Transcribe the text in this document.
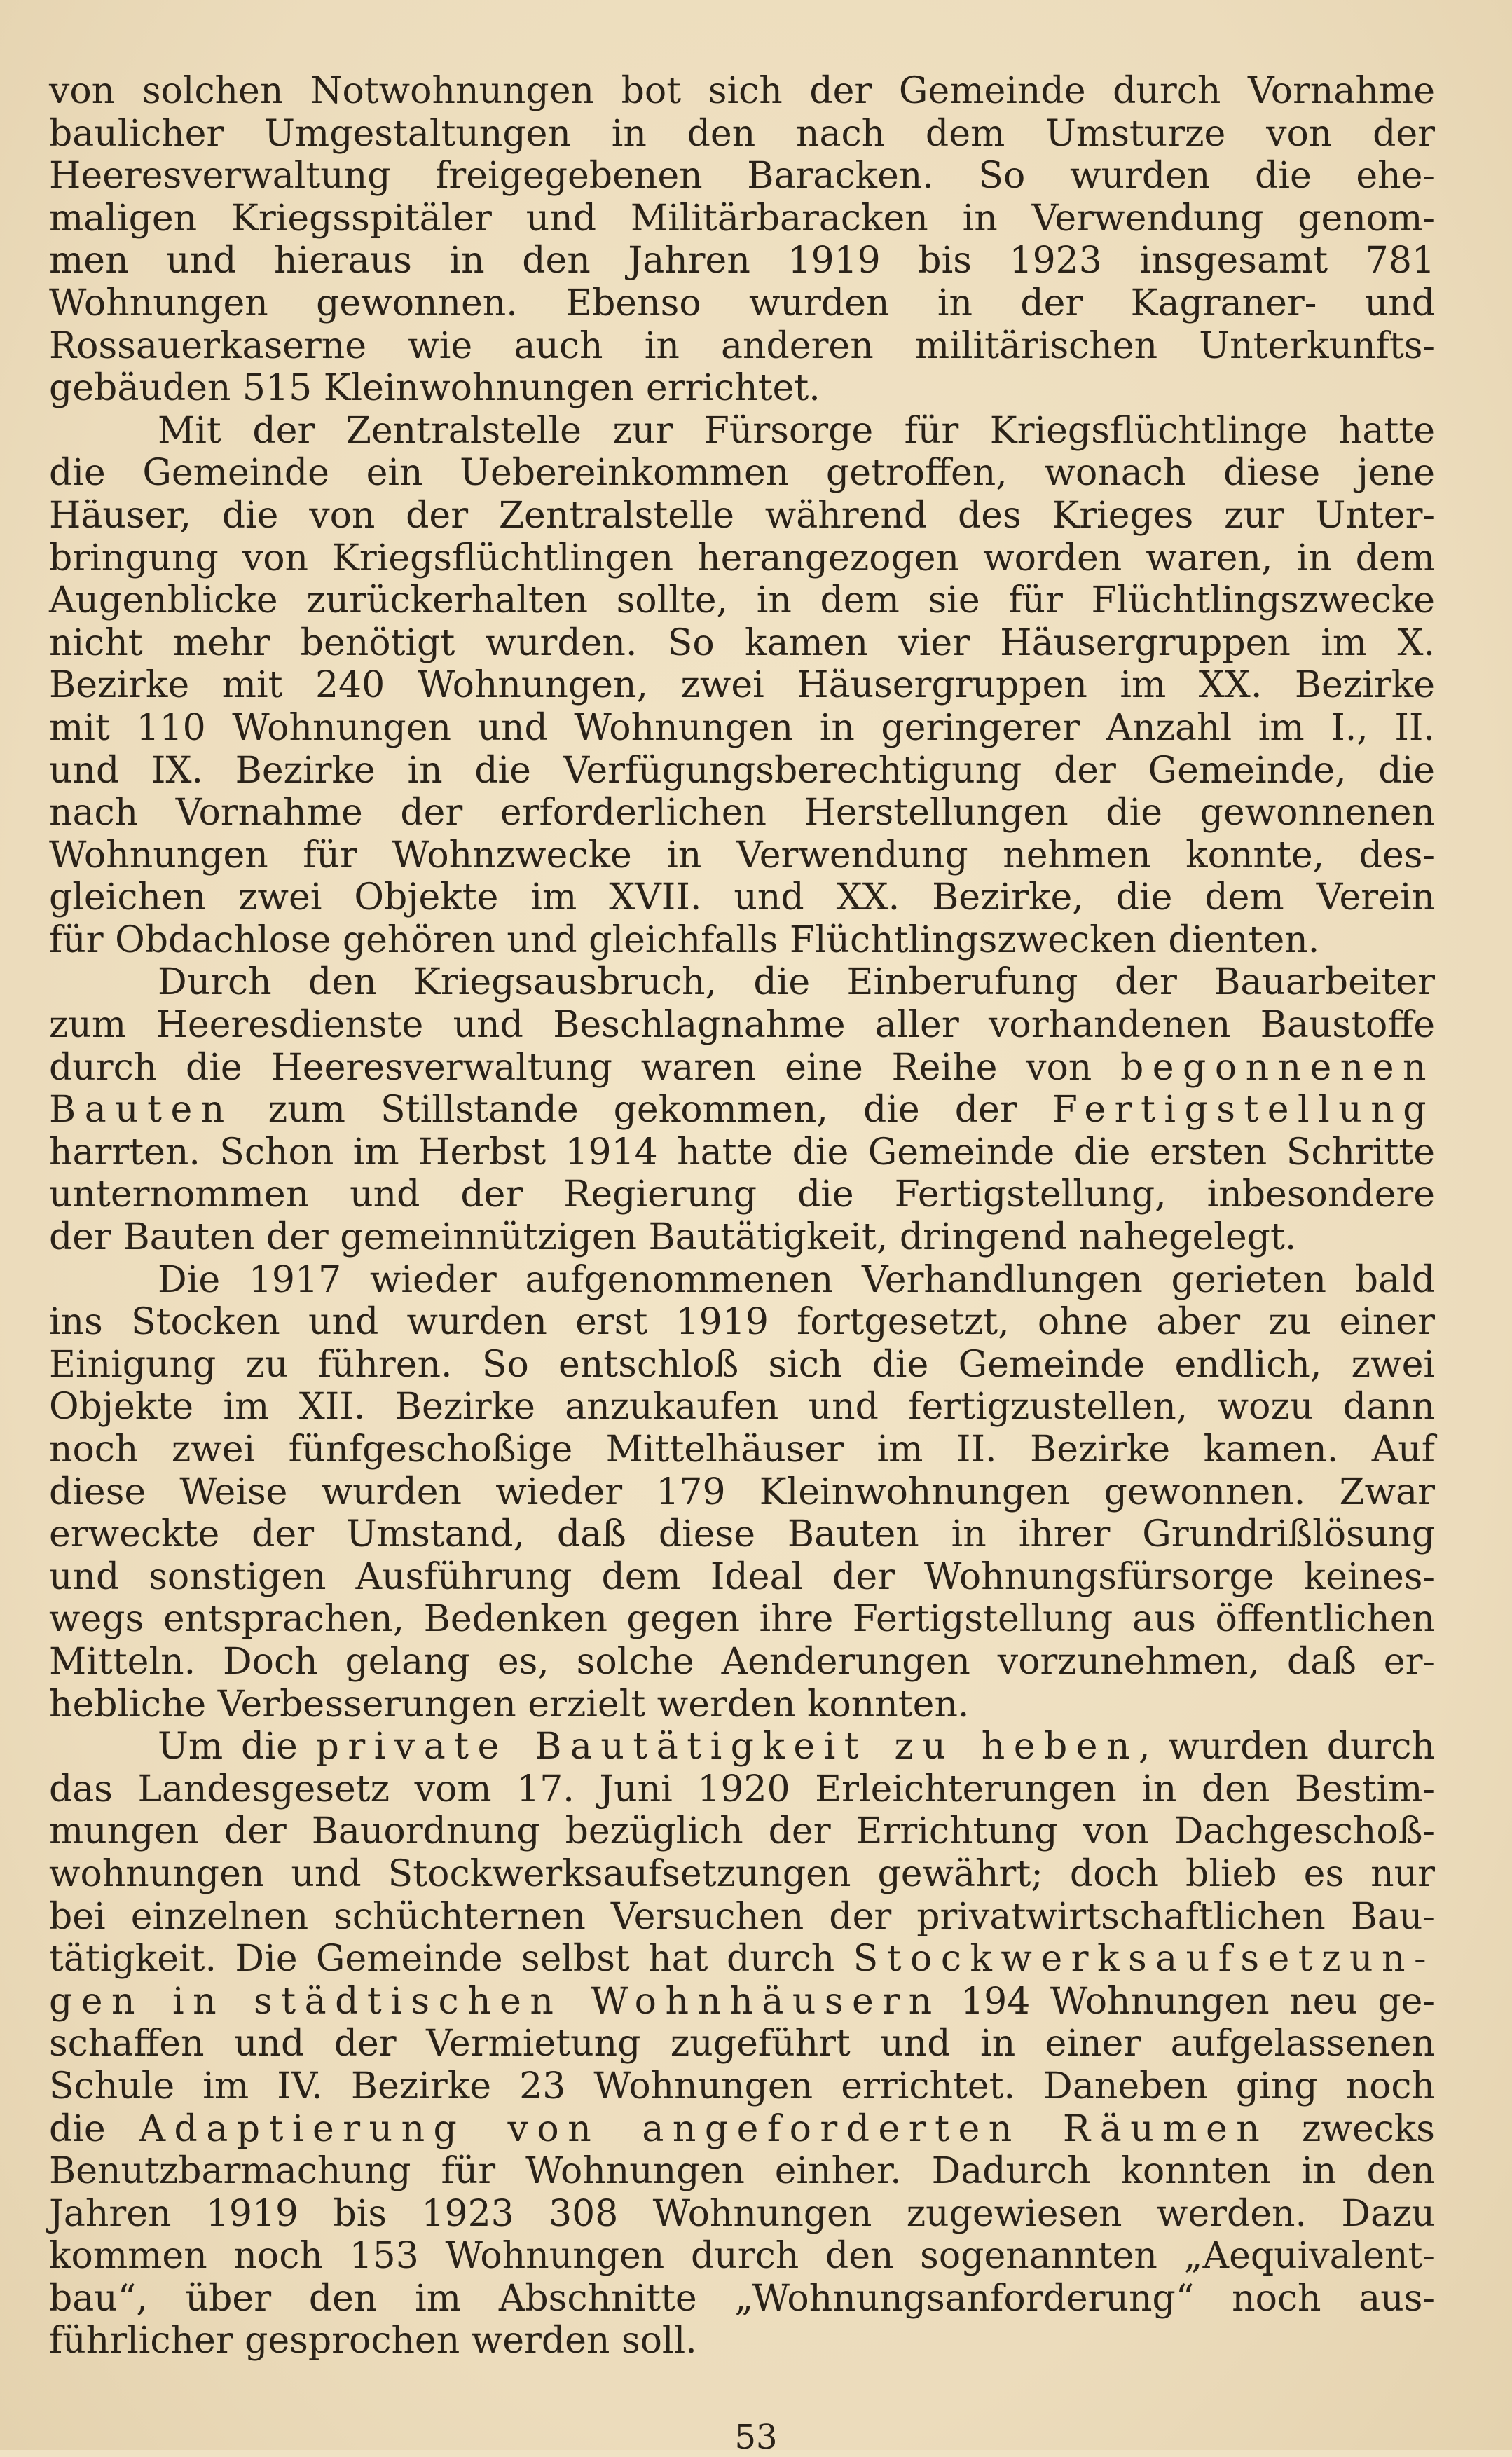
von solchen Notwohnungen bot sich der Gemeinde durch Vornahme
baulicher Umgestaltungen in den nach dem Umsturze von der
Heeresverwaltung freigegebenen Baracken. So wurden die ehe-
maligen Kriegsspitäler und Militärbaracken in Verwendung genom-
men und hieraus in den Jahren 1919 bis 1923 insgesamt 781
Wohnungen gewonnen. Ebenso wurden in der Kagraner- und
Rossauerkaserne wie auch in anderen militärischen Unterkunfts-
gebäuden 515 Kleinwohnungen errichtet.
Mit der Zentralstelle zur Fürsorge für Kriegsflüchtlinge hatte
die Gemeinde ein Uebereinkommen getroffen, wonach diese jene
Häuser, die von der Zentralstelle während des Krieges zur Unter-
bringung von Kriegsflüchtlingen herangezogen worden waren, in dem
Augenblicke zurückerhalten sollte, in dem sie für Flüchtlingszwecke
nicht mehr benötigt wurden. So kamen vier Häusergruppen im X.
Bezirke mit 240 Wohnungen, zwei Häusergruppen im XX. Bezirke
mit 110 Wohnungen und Wohnungen in geringerer Anzahl im I., II.
und IX. Bezirke in die Verfügungsberechtigung der Gemeinde, die
nach Vornahme der erforderlichen Herstellungen die gewonnenen
Wohnungen für Wohnzwecke in Verwendung nehmen konnte, des-
gleichen zwei Objekte im XVII. und XX. Bezirke, die dem Verein
für Obdachlose gehören und gleichfalls Flüchtlingszwecken dienten.
Durch den Kriegsausbruch, die Einberufung der Bauarbeiter
zum Heeresdienste und Beschlagnahme aller vorhandenen Baustoffe
durch die Heeresverwaltung waren eine Reihe von begonnenen
Bauten zum Stillstande gekommen, die der Fertigstellung
harrten. Schon im Herbst 1914 hatte die Gemeinde die ersten Schritte
unternommen und der Regierung die Fertigstellung, inbesondere
der Bauten der gemeinnützigen Bautätigkeit, dringend nahegelegt.
Die 1917 wieder aufgenommenen Verhandlungen gerieten bald
ins Stocken und wurden erst 1919 fortgesetzt, ohne aber zu einer
Einigung zu führen. So entschloß sich die Gemeinde endlich, zwei
Objekte im XII. Bezirke anzukaufen und fertigzustellen, wozu dann
noch zwei fünfgeschoßige Mittelhäuser im II. Bezirke kamen. Auf
diese Weise wurden wieder 179 Kleinwohnungen gewonnen. Zwar
erweckte der Umstand, daß diese Bauten in ihrer Grundrißlösung
und sonstigen Ausführung dem Ideal der Wohnungsfürsorge keines-
wegs entsprachen, Bedenken gegen ihre Fertigstellung aus öffentlichen
Mitteln. Doch gelang es, solche Aenderungen vorzunehmen, daß er-
hebliche Verbesserungen erzielt werden konnten.
Um die private Bautätigkeit zu heben, wurden durch
das Landesgesetz vom 17. Juni 1920 Erleichterungen in den Bestim-
mungen der Bauordnung bezüglich der Errichtung von Dachgeschoß-
wohnungen und Stockwerksaufsetzungen gewährt; doch blieb es nur
bei einzelnen schüchternen Versuchen der privatwirtschaftlichen Bau-
tätigkeit. Die Gemeinde selbst hat durch Stockwerksaufsetzun-
gen in städtischen Wohnhäusern 194 Wohnungen neu ge-
schaffen und der Vermietung zugeführt und in einer aufgelassenen
Schule im IV. Bezirke 23 Wohnungen errichtet. Daneben ging noch
die Adaptierung von angeforderten Räumen zwecks
Benutzbarmachung für Wohnungen einher. Dadurch konnten in den
Jahren 1919 bis 1923 308 Wohnungen zugewiesen werden. Dazu
kommen noch 153 Wohnungen durch den sogenannten „Aequivalent-
bau“, über den im Abschnitte „Wohnungsanforderung“ noch aus-
führlicher gesprochen werden soll.
53
